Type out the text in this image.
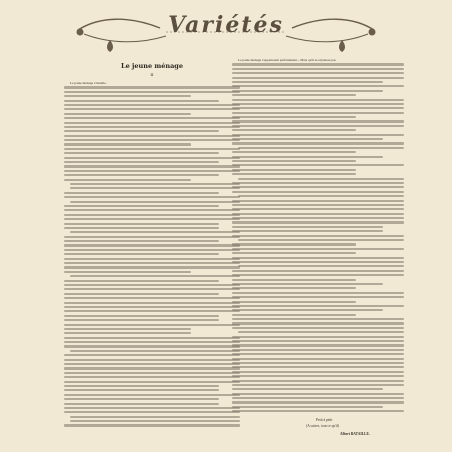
Variétés
Le jeune ménage
II
Le jeune ménage s'installe.
Le jeune ménage s'appartenait parfaitement... Mais qu'il se réjouisse pas
Petit à petit
(A suivre, tout ce qu'il)
Albert BATAILLE.
